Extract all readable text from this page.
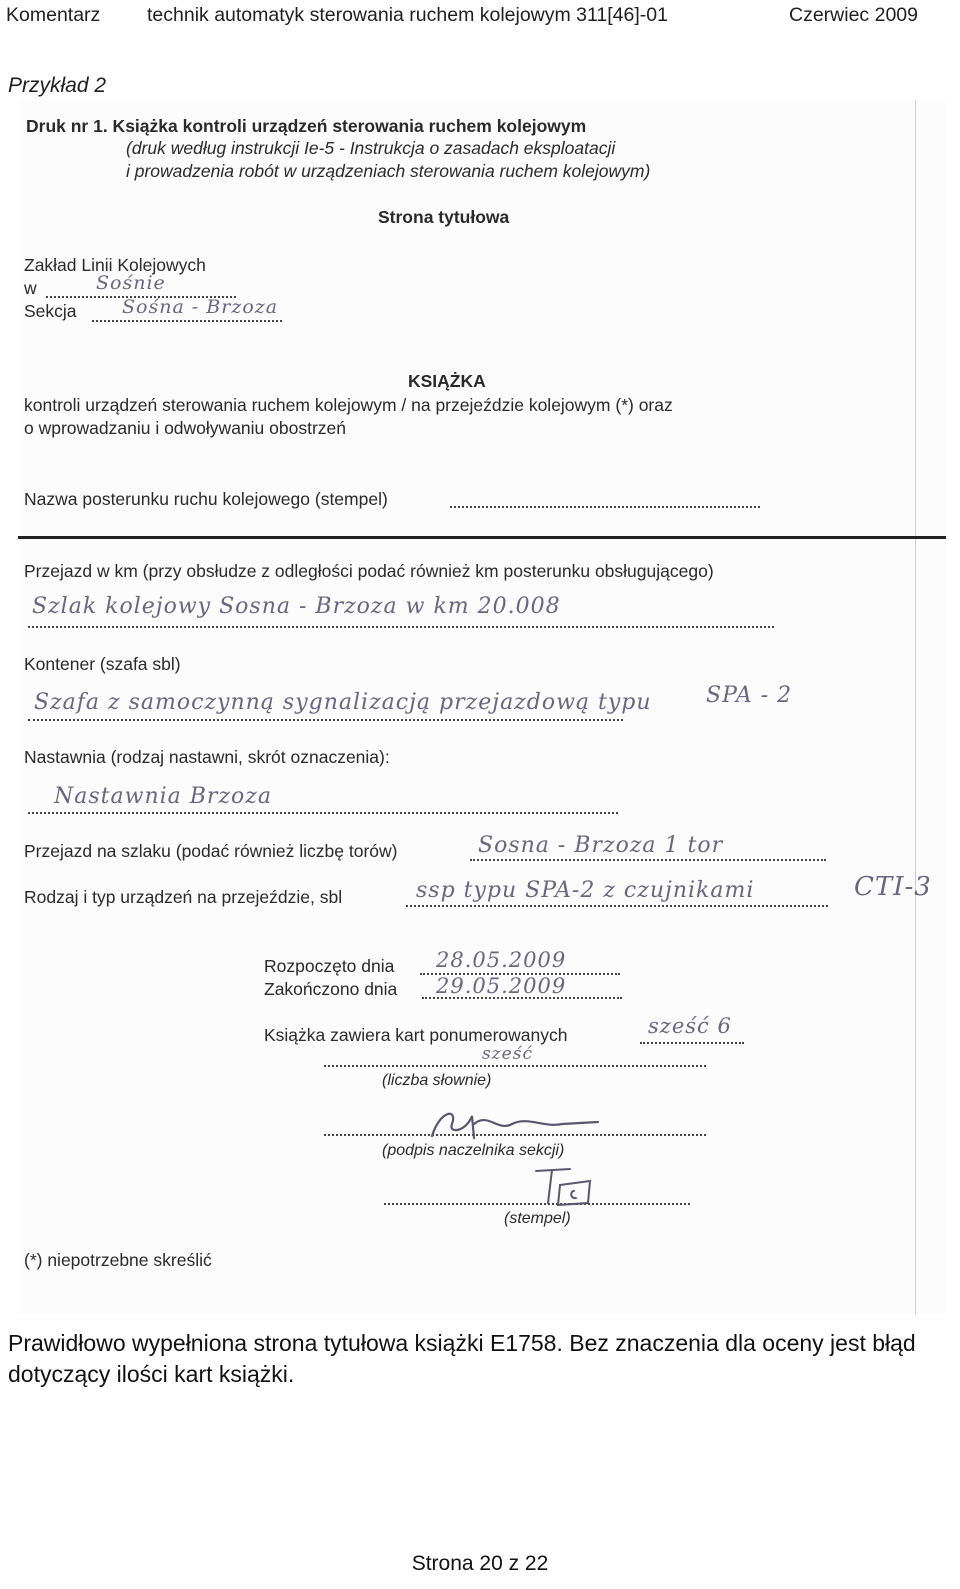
Komentarz technik automatyk sterowania ruchem kolejowym 311[46]-01	Czerwiec 2009
Przykład 2
Druk nr 1. Książka kontroli urządzeń sterowania ruchem kolejowym
(druk według instrukcji Ie-5 - Instrukcja o zasadach eksploatacji
i prowadzenia robót w urządzeniach sterowania ruchem kolejowym)
Strona tytułowa
Zakład Linii Kolejowych
w	Sośnie
Sekcja Sośna - Brzoza
KSIĄŻKA
kontroli urządzeń sterowania ruchem kolejowym / na przejeździe kolejowym (*) oraz
o wprowadzaniu i odwoływaniu obostrzeń
Nazwa posterunku ruchu kolejowego (stempel)
Przejazd w km (przy obsłudze z odległości podać również km posterunku obsługującego)
Szlak kolejowy Sosna - Brzoza w km 20.008
Kontener (szafa sbl)
Szafa z samoczynną sygnalizacją przejazdową typu SPA - 2
Nastawnia (rodzaj nastawni, skrót oznaczenia):
Nastawnia Brzoza
Przejazd na szlaku (podać również liczbę torów)	Sosna - Brzoza 1 tor
Rodzaj i typ urządzeń na przejeździe, sbl	ssp typu SPA-2 z czujnikami	CTI-3
Rozpoczęto dnia 28.05.2009
Zakończono dnia 29.05.2009
Książka zawiera kart ponumerowanych	sześć 6
sześć
(liczba słownie)
(podpis naczelnika sekcji)
(stempel)
(*) niepotrzebne skreślić
Prawidłowo wypełniona strona tytułowa książki E1758. Bez znaczenia dla oceny jest błąd dotyczący ilości kart książki.
Strona 20 z 22
